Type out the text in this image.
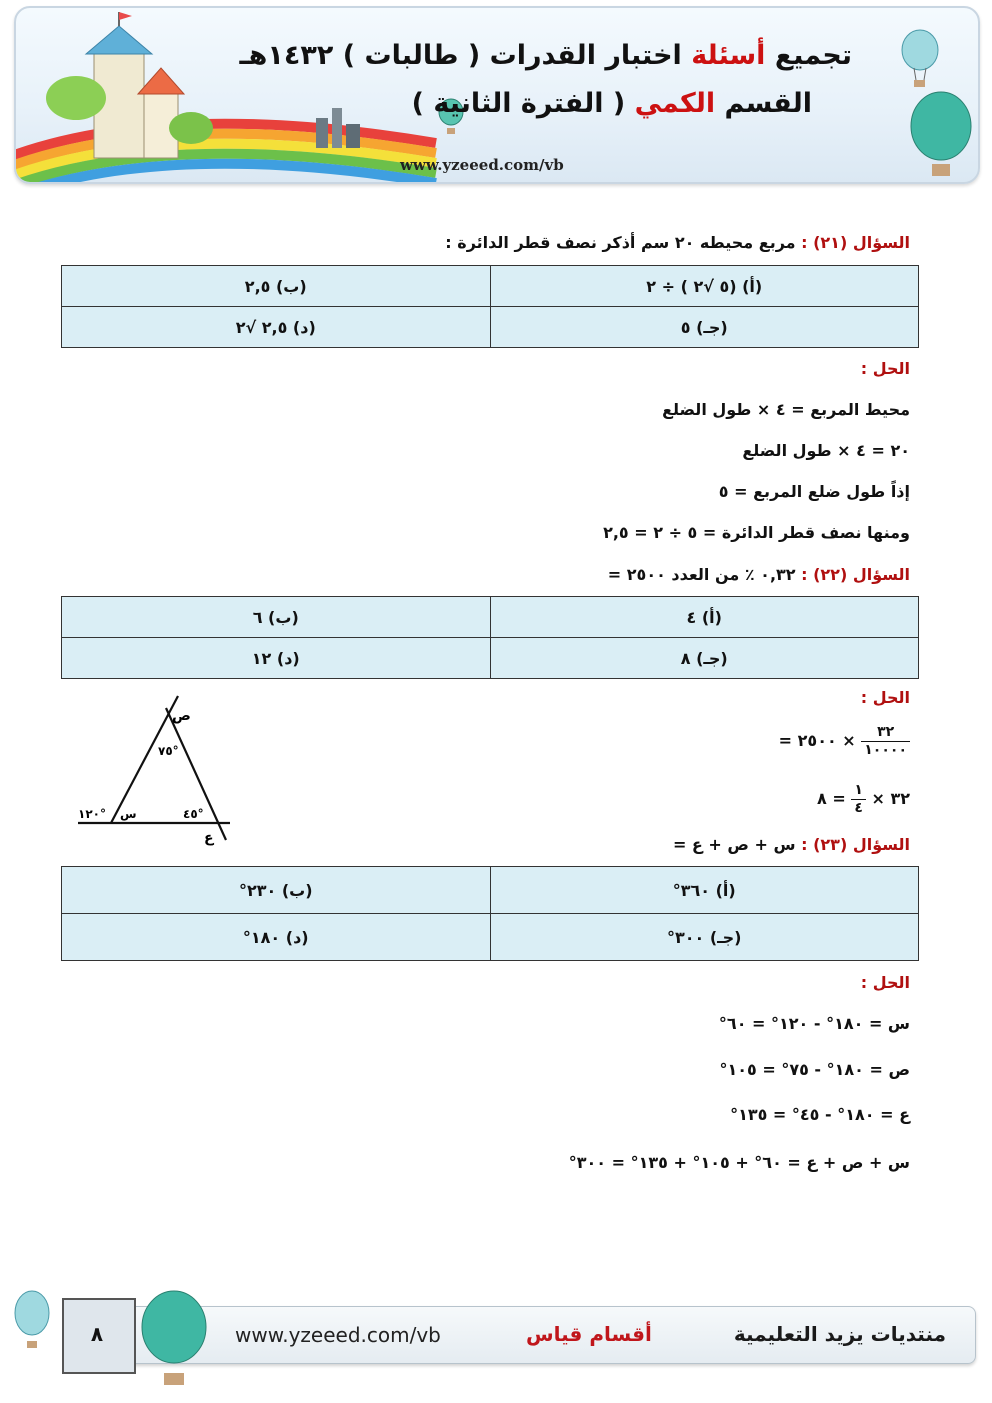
تجميع أسئلة اختبار القدرات ( طالبات ) ١٤٣٢هـ
القسم الكمي ( الفترة الثانية )
www.yzeeed.com/vb
السؤال (٢١) : مربع محيطه ٢٠ سم أذكر نصف قطر الدائرة :
(أ) (٥ √٢ ) ÷ ٢	(ب) ٢,٥
(جـ) ٥	(د) ٢,٥ √٢
الحل :
محيط المربع = ٤ × طول الضلع
٢٠ = ٤ × طول الضلع
إذاً طول ضلع المربع = ٥
ومنها نصف قطر الدائرة = ٥ ÷ ٢ = ٢,٥
السؤال (٢٢) : ٠,٣٢ ٪ من العدد ٢٥٠٠ =
(أ) ٤	(ب) ٦
(جـ) ٨	(د) ١٢
الحل :
$\frac{٣٢}{١٠٠٠٠}$
× ٢٥٠٠ =
٣٢ ×
$\frac{١}{٤}$
= ٨
ص
٧٥°
س
١٢٠°	٤٥°
ع	السؤال (٢٣) : س + ص + ع =
(أ) ٣٦٠°	(ب) ٢٣٠°
(جـ) ٣٠٠°	(د) ١٨٠°
الحل :
س = ١٨٠° - ١٢٠° = ٦٠°
ص = ١٨٠° - ٧٥° = ١٠٥°
ع = ١٨٠° - ٤٥° = ١٣٥°
س + ص + ع = ٦٠° + ١٠٥° + ١٣٥° = ٣٠٠°
٨	www.yzeeed.com/vb	أقسام قياس	منتديات يزيد التعليمية
